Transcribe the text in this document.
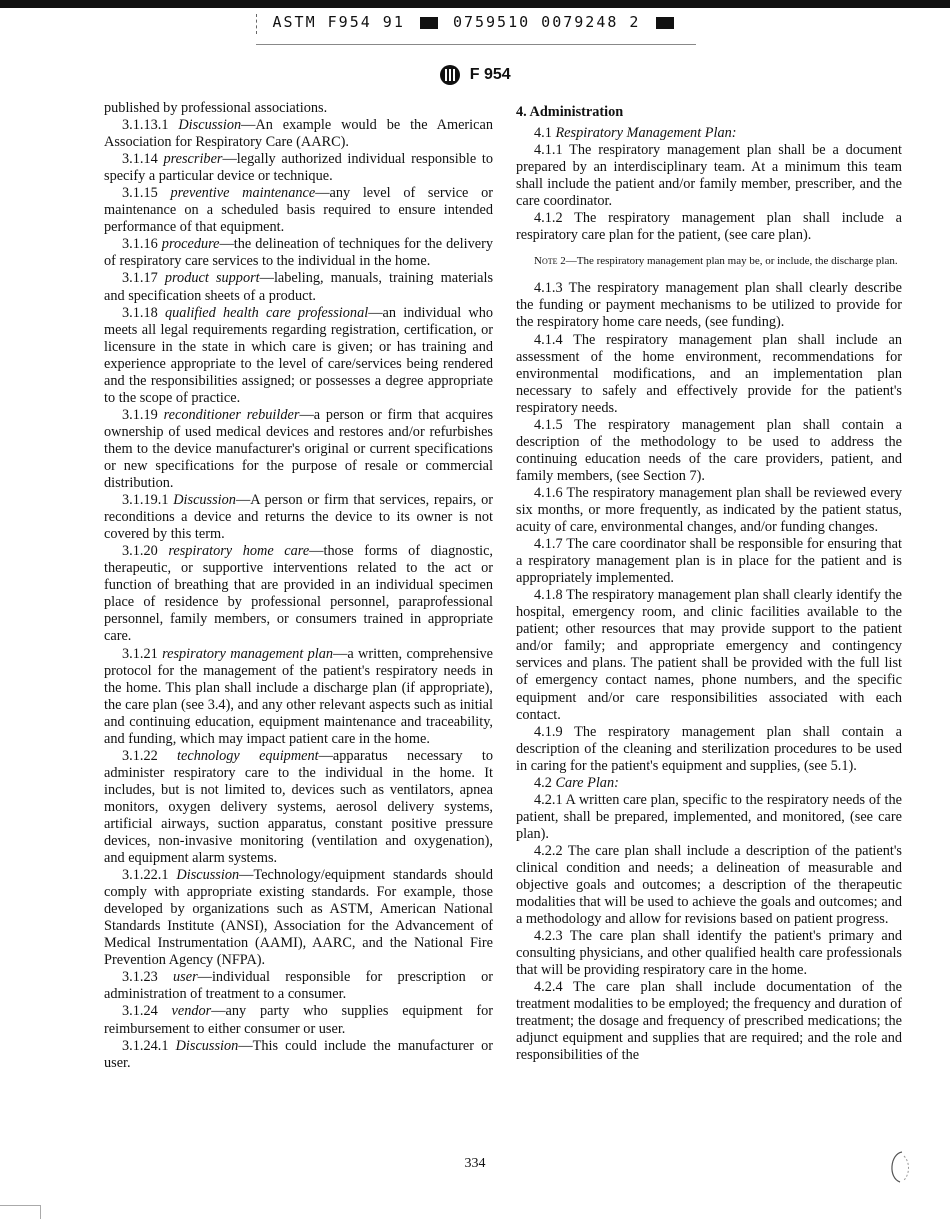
ASTM F954 91	0759510 0079248 2
F 954

published by professional associations.

3.1.13.1 Discussion—An example would be the American Association for Respiratory Care (AARC).

3.1.14 prescriber—legally authorized individual responsible to specify a particular device or technique.

3.1.15 preventive maintenance—any level of service or maintenance on a scheduled basis required to ensure intended performance of that equipment.

3.1.16 procedure—the delineation of techniques for the delivery of respiratory care services to the individual in the home.

3.1.17 product support—labeling, manuals, training materials and specification sheets of a product.

3.1.18 qualified health care professional—an individual who meets all legal requirements regarding registration, certification, or licensure in the state in which care is given; or has training and experience appropriate to the level of care/services being rendered and the responsibilities assigned; or possesses a degree appropriate to the scope of practice.

3.1.19 reconditioner rebuilder—a person or firm that acquires ownership of used medical devices and restores and/or refurbishes them to the device manufacturer's original or current specifications or new specifications for the purpose of resale or commercial distribution.

3.1.19.1 Discussion—A person or firm that services, repairs, or reconditions a device and returns the device to its owner is not covered by this term.

3.1.20 respiratory home care—those forms of diagnostic, therapeutic, or supportive interventions related to the act or function of breathing that are provided in an individual specimen place of residence by professional personnel, paraprofessional personnel, family members, or consumers trained in appropriate care.

3.1.21 respiratory management plan—a written, comprehensive protocol for the management of the patient's respiratory needs in the home. This plan shall include a discharge plan (if appropriate), the care plan (see 3.4), and any other relevant aspects such as initial and continuing education, equipment maintenance and traceability, and funding, which may impact patient care in the home.

3.1.22 technology equipment—apparatus necessary to administer respiratory care to the individual in the home. It includes, but is not limited to, devices such as ventilators, apnea monitors, oxygen delivery systems, aerosol delivery systems, artificial airways, suction apparatus, constant positive pressure devices, non-invasive monitoring (ventilation and oxygenation), and equipment alarm systems.

3.1.22.1 Discussion—Technology/equipment standards should comply with appropriate existing standards. For example, those developed by organizations such as ASTM, American National Standards Institute (ANSI), Association for the Advancement of Medical Instrumentation (AAMI), AARC, and the National Fire Prevention Agency (NFPA).

3.1.23 user—individual responsible for prescription or administration of treatment to a consumer.

3.1.24 vendor—any party who supplies equipment for reimbursement to either consumer or user.

3.1.24.1 Discussion—This could include the manufacturer or user.

4. Administration

4.1 Respiratory Management Plan:

4.1.1 The respiratory management plan shall be a document prepared by an interdisciplinary team. At a minimum this team shall include the patient and/or family member, prescriber, and the care coordinator.

4.1.2 The respiratory management plan shall include a respiratory care plan for the patient, (see care plan).

Note 2—The respiratory management plan may be, or include, the discharge plan.

4.1.3 The respiratory management plan shall clearly describe the funding or payment mechanisms to be utilized to provide for the respiratory home care needs, (see funding).

4.1.4 The respiratory management plan shall include an assessment of the home environment, recommendations for environmental modifications, and an implementation plan necessary to safely and effectively provide for the patient's respiratory needs.

4.1.5 The respiratory management plan shall contain a description of the methodology to be used to address the continuing education needs of the care providers, patient, and family members, (see Section 7).

4.1.6 The respiratory management plan shall be reviewed every six months, or more frequently, as indicated by the patient status, acuity of care, environmental changes, and/or funding changes.

4.1.7 The care coordinator shall be responsible for ensuring that a respiratory management plan is in place for the patient and is appropriately implemented.

4.1.8 The respiratory management plan shall clearly identify the hospital, emergency room, and clinic facilities available to the patient; other resources that may provide support to the patient and/or family; and appropriate emergency and contingency services and plans. The patient shall be provided with the full list of emergency contact names, phone numbers, and the specific equipment and/or care responsibilities associated with each contact.

4.1.9 The respiratory management plan shall contain a description of the cleaning and sterilization procedures to be used in caring for the patient's equipment and supplies, (see 5.1).

4.2 Care Plan:

4.2.1 A written care plan, specific to the respiratory needs of the patient, shall be prepared, implemented, and monitored, (see care plan).

4.2.2 The care plan shall include a description of the patient's clinical condition and needs; a delineation of measurable and objective goals and outcomes; a description of the therapeutic modalities that will be used to achieve the goals and outcomes; and a methodology and allow for revisions based on patient progress.

4.2.3 The care plan shall identify the patient's primary and consulting physicians, and other qualified health care professionals that will be providing respiratory care in the home.

4.2.4 The care plan shall include documentation of the treatment modalities to be employed; the frequency and duration of treatment; the dosage and frequency of prescribed medications; the adjunct equipment and supplies that are required; and the role and responsibilities of the

334
